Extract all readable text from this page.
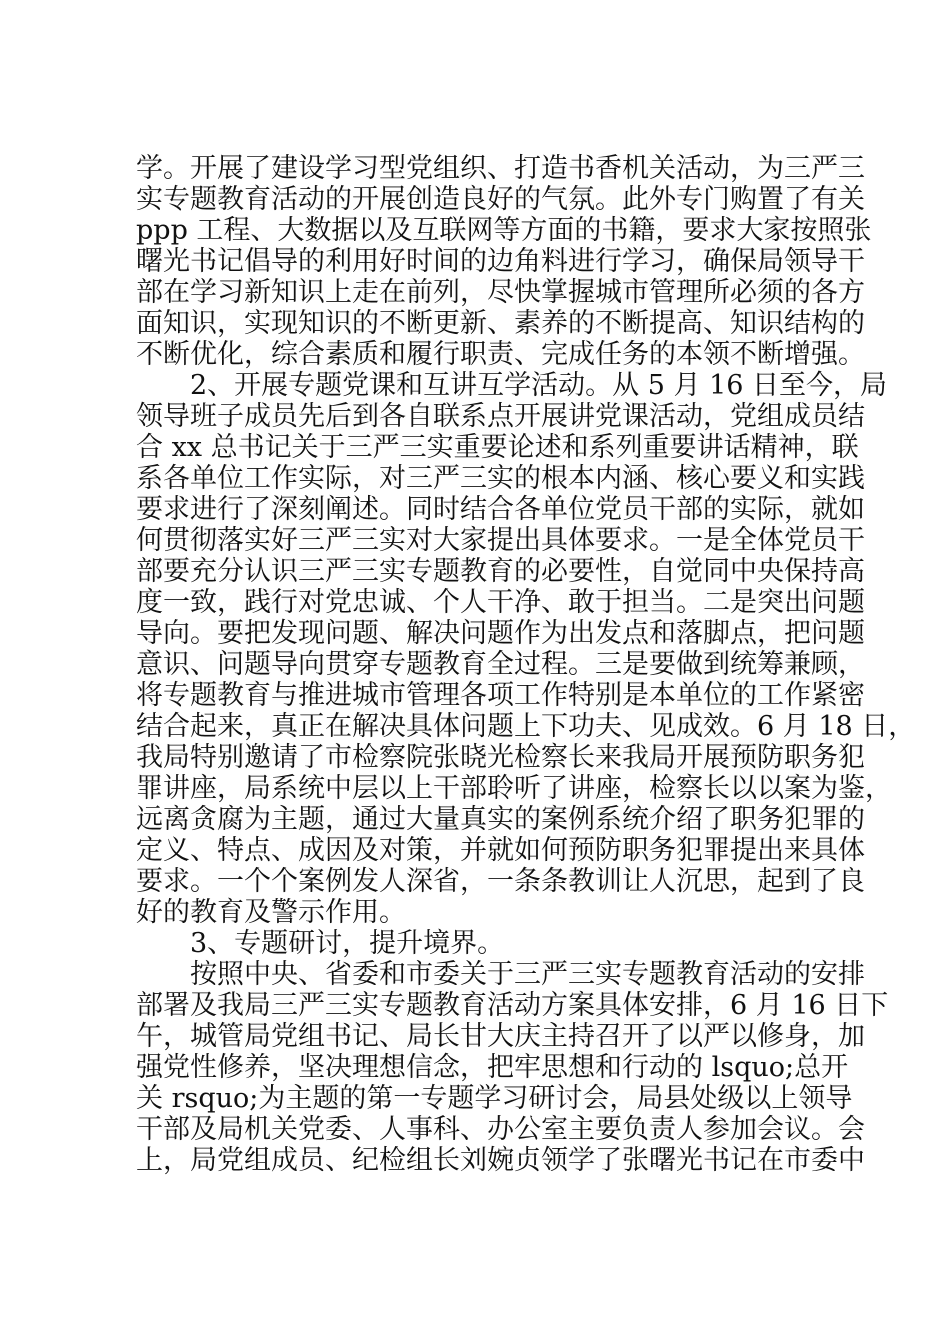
学。开展了建设学习型党组织、打造书香机关活动，为三严三
实专题教育活动的开展创造良好的气氛。此外专门购置了有关
ppp 工程、大数据以及互联网等方面的书籍，要求大家按照张
曙光书记倡导的利用好时间的边角料进行学习，确保局领导干
部在学习新知识上走在前列，尽快掌握城市管理所必须的各方
面知识，实现知识的不断更新、素养的不断提高、知识结构的
不断优化，综合素质和履行职责、完成任务的本领不断增强。
　　2、开展专题党课和互讲互学活动。从 5 月 16 日至今，局
领导班子成员先后到各自联系点开展讲党课活动，党组成员结
合 xx 总书记关于三严三实重要论述和系列重要讲话精神，联
系各单位工作实际，对三严三实的根本内涵、核心要义和实践
要求进行了深刻阐述。同时结合各单位党员干部的实际，就如
何贯彻落实好三严三实对大家提出具体要求。一是全体党员干
部要充分认识三严三实专题教育的必要性，自觉同中央保持高
度一致，践行对党忠诚、个人干净、敢于担当。二是突出问题
导向。要把发现问题、解决问题作为出发点和落脚点，把问题
意识、问题导向贯穿专题教育全过程。三是要做到统筹兼顾，
将专题教育与推进城市管理各项工作特别是本单位的工作紧密
结合起来，真正在解决具体问题上下功夫、见成效。6 月 18 日，
我局特别邀请了市检察院张晓光检察长来我局开展预防职务犯
罪讲座，局系统中层以上干部聆听了讲座，检察长以以案为鉴，
远离贪腐为主题，通过大量真实的案例系统介绍了职务犯罪的
定义、特点、成因及对策，并就如何预防职务犯罪提出来具体
要求。一个个案例发人深省，一条条教训让人沉思，起到了良
好的教育及警示作用。
　　3、专题研讨，提升境界。
　　按照中央、省委和市委关于三严三实专题教育活动的安排
部署及我局三严三实专题教育活动方案具体安排，6 月 16 日下
午，城管局党组书记、局长甘大庆主持召开了以严以修身，加
强党性修养，坚决理想信念，把牢思想和行动的 lsquo;总开
关 rsquo;为主题的第一专题学习研讨会，局县处级以上领导
干部及局机关党委、人事科、办公室主要负责人参加会议。会
上，局党组成员、纪检组长刘婉贞领学了张曙光书记在市委中
